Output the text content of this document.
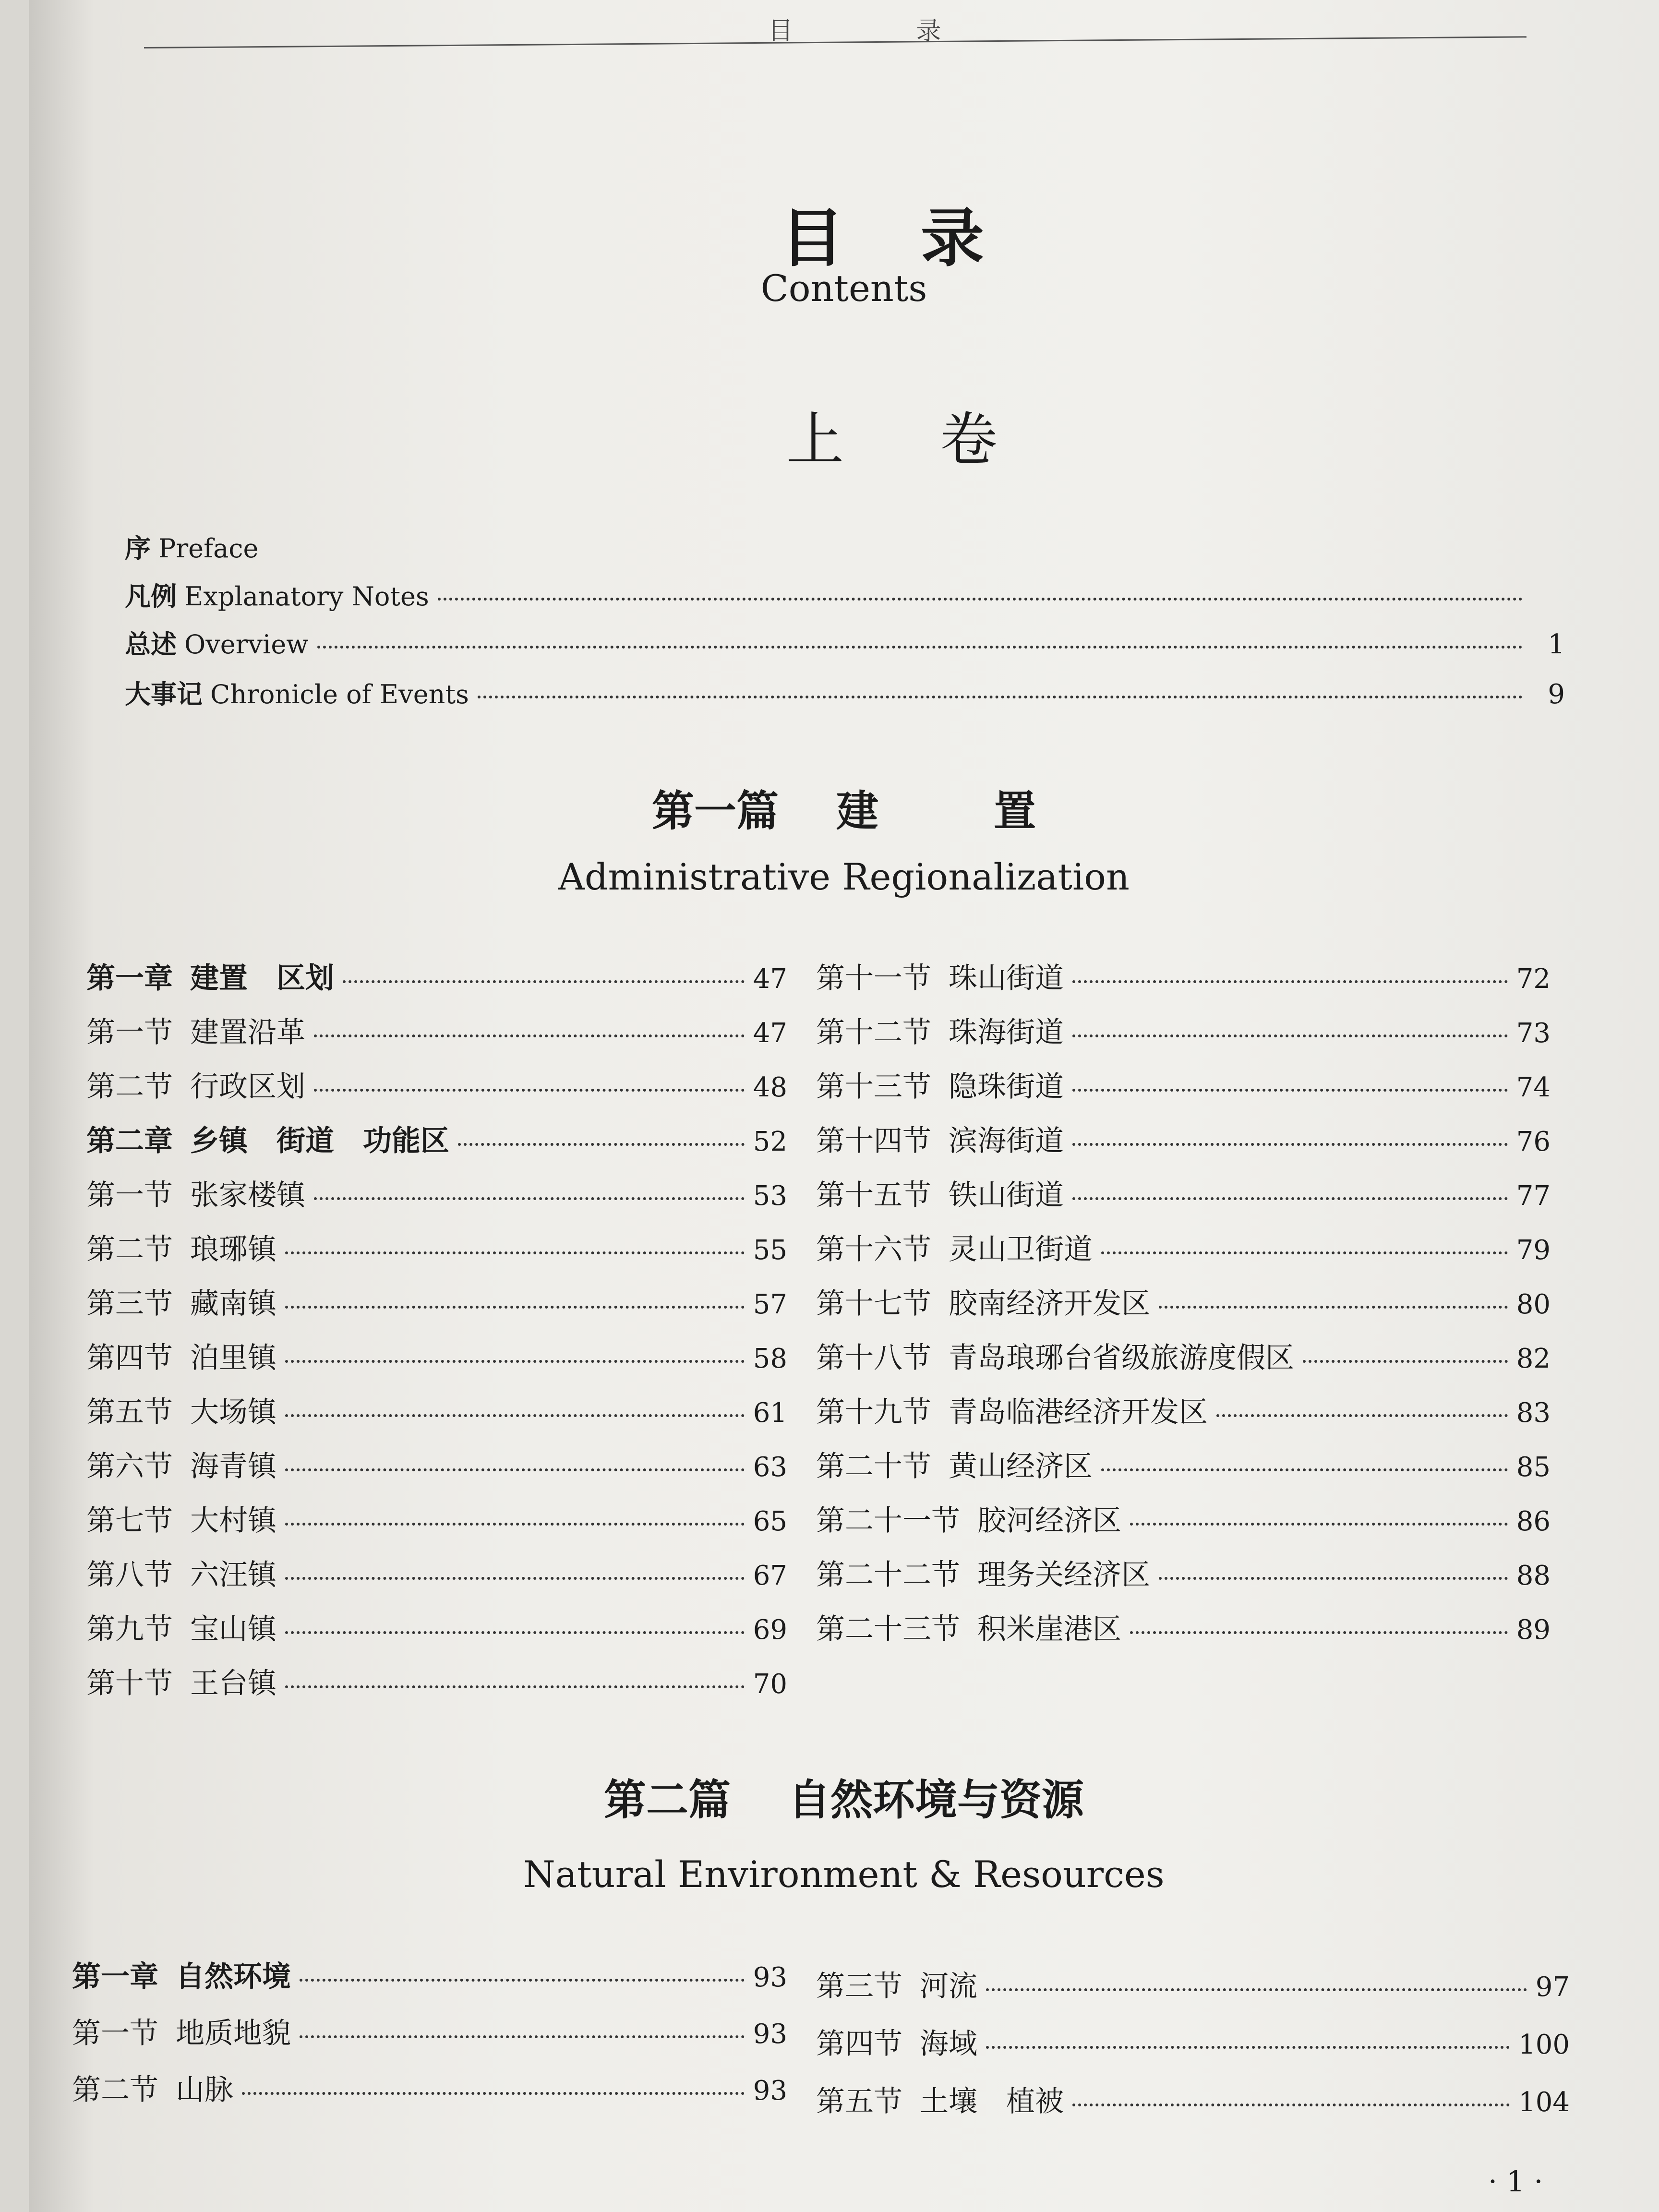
目 录
目录
Contents
上卷
序 Preface
凡例 Explanatory Notes
总述 Overview	1
大事记 Chronicle of Events	9
第一篇 建	置
Administrative Regionalization
第一章 建置　区划	47
第一节 建置沿革	47
第二节 行政区划	48
第二章 乡镇　街道　功能区	52
第一节 张家楼镇	53
第二节 琅琊镇	55
第三节 藏南镇	57
第四节 泊里镇	58
第五节 大场镇	61
第六节 海青镇	63
第七节 大村镇	65
第八节 六汪镇	67
第九节 宝山镇	69
第十节 王台镇	70
第十一节 珠山街道	72
第十二节 珠海街道	73
第十三节 隐珠街道	74
第十四节 滨海街道	76
第十五节 铁山街道	77
第十六节 灵山卫街道	79
第十七节 胶南经济开发区	80
第十八节 青岛琅琊台省级旅游度假区	82
第十九节 青岛临港经济开发区	83
第二十节 黄山经济区	85
第二十一节 胶河经济区	86
第二十二节 理务关经济区	88
第二十三节 积米崖港区	89
第二篇 自然环境与资源
Natural Environment & Resources
第一章 自然环境	93
第一节 地质地貌	93
第二节 山脉	93
第三节 河流	97
第四节 海域	100
第五节 土壤　植被	104
· 1 ·
